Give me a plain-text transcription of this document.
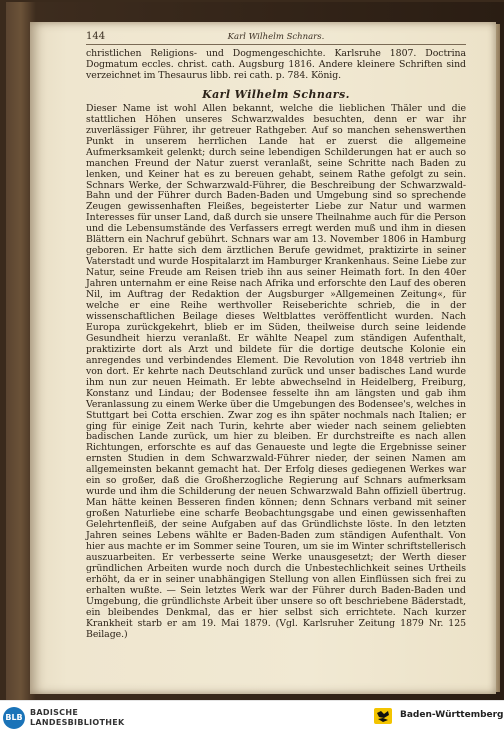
144	Karl Wilhelm Schnars.

christlichen Religions- und Dogmengeschichte. Karlsruhe 1807. Doctrina Dogmatum eccles. christ. cath. Augsburg 1816. Andere kleinere Schriften sind verzeichnet im Thesaurus libb. rei cath. p. 784. König.

Karl Wilhelm Schnars.

Dieser Name ist wohl Allen bekannt, welche die lieblichen Thäler und die stattlichen Höhen unseres Schwarzwaldes besuchten, denn er war ihr zuverlässiger Führer, ihr getreuer Rathgeber. Auf so manchen sehenswerthen Punkt in unserem herrlichen Lande hat er zuerst die allgemeine Aufmerksamkeit gelenkt; durch seine lebendigen Schilderungen hat er auch so manchen Freund der Natur zuerst veranlaßt, seine Schritte nach Baden zu lenken, und Keiner hat es zu bereuen gehabt, seinem Rathe gefolgt zu sein. Schnars Werke, der Schwarzwald-Führer, die Beschreibung der Schwarzwald-Bahn und der Führer durch Baden-Baden und Umgebung sind so sprechende Zeugen gewissenhaften Fleißes, begeisterter Liebe zur Natur und warmen Interesses für unser Land, daß durch sie unsere Theilnahme auch für die Person und die Lebensumstände des Verfassers erregt werden muß und ihm in diesen Blättern ein Nachruf gebührt. Schnars war am 13. November 1806 in Hamburg geboren. Er hatte sich dem ärztlichen Berufe gewidmet, praktizirte in seiner Vaterstadt und wurde Hospitalarzt im Hamburger Krankenhaus. Seine Liebe zur Natur, seine Freude am Reisen trieb ihn aus seiner Heimath fort. In den 40er Jahren unternahm er eine Reise nach Afrika und erforschte den Lauf des oberen Nil, im Auftrag der Redaktion der Augsburger »Allgemeinen Zeitung«, für welche er eine Reihe werthvoller Reiseberichte schrieb, die in der wissenschaftlichen Beilage dieses Weltblattes veröffentlicht wurden. Nach Europa zurückgekehrt, blieb er im Süden, theilweise durch seine leidende Gesundheit hierzu veranlaßt. Er wählte Neapel zum ständigen Aufenthalt, praktizirte dort als Arzt und bildete für die dortige deutsche Kolonie ein anregendes und verbindendes Element. Die Revolution von 1848 vertrieb ihn von dort. Er kehrte nach Deutschland zurück und unser badisches Land wurde ihm nun zur neuen Heimath. Er lebte abwechselnd in Heidelberg, Freiburg, Konstanz und Lindau; der Bodensee fesselte ihn am längsten und gab ihm Veranlassung zu einem Werke über die Umgebungen des Bodensee's, welches in Stuttgart bei Cotta erschien. Zwar zog es ihn später nochmals nach Italien; er ging für einige Zeit nach Turin, kehrte aber wieder nach seinem geliebten badischen Lande zurück, um hier zu bleiben. Er durchstreifte es nach allen Richtungen, erforschte es auf das Genaueste und legte die Ergebnisse seiner ernsten Studien in dem Schwarzwald-Führer nieder, der seinen Namen am allgemeinsten bekannt gemacht hat. Der Erfolg dieses gediegenen Werkes war ein so großer, daß die Großherzogliche Regierung auf Schnars aufmerksam wurde und ihm die Schilderung der neuen Schwarzwald Bahn offiziell übertrug. Man hätte keinen Besseren finden können; denn Schnars verband mit seiner großen Naturliebe eine scharfe Beobachtungsgabe und einen gewissenhaften Gelehrtenfleiß, der seine Aufgaben auf das Gründlichste löste. In den letzten Jahren seines Lebens wählte er Baden-Baden zum ständigen Aufenthalt. Von hier aus machte er im Sommer seine Touren, um sie im Winter schriftstellerisch auszuarbeiten. Er verbesserte seine Werke unausgesetzt; der Werth dieser gründlichen Arbeiten wurde noch durch die Unbestechlichkeit seines Urtheils erhöht, da er in seiner unabhängigen Stellung von allen Einflüssen sich frei zu erhalten wußte. — Sein letztes Werk war der Führer durch Baden-Baden und Umgebung, die gründlichste Arbeit über unsere so oft beschriebene Bäderstadt, ein bleibendes Denkmal, das er hier selbst sich errichtete. Nach kurzer Krankheit starb er am 19. Mai 1879. (Vgl. Karlsruher Zeitung 1879 Nr. 125 Beilage.)

BLB
BADISCHE
LANDESBIBLIOTHEK
Baden-Württemberg
